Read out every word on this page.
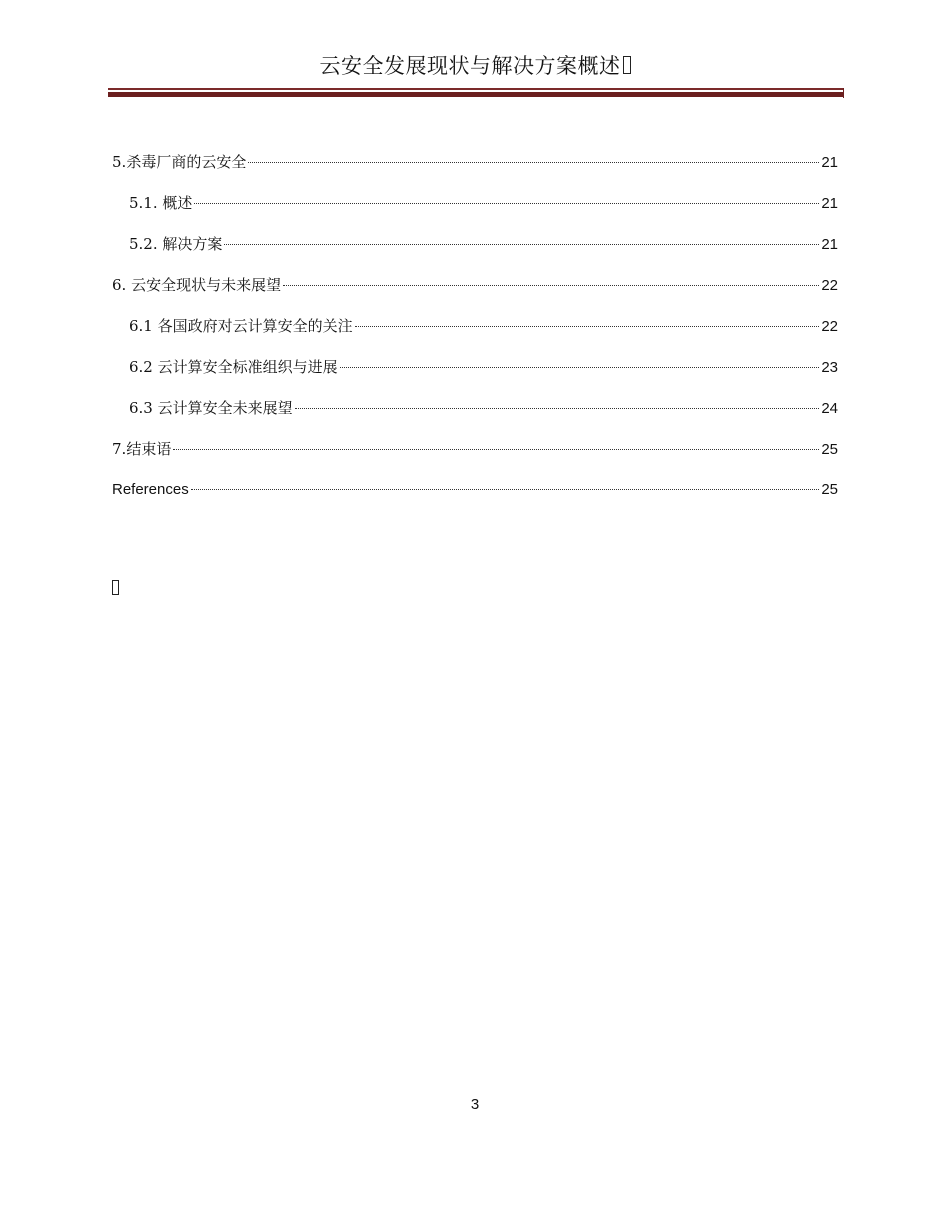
云安全发展现状与解决方案概述
5.杀毒厂商的云安全	21
5.1. 概述	21
5.2. 解决方案	21
6. 云安全现状与未来展望	22
6.1 各国政府对云计算安全的关注	22
6.2 云计算安全标准组织与进展	23
6.3 云计算安全未来展望	24
7.结束语	25
References	25
3
